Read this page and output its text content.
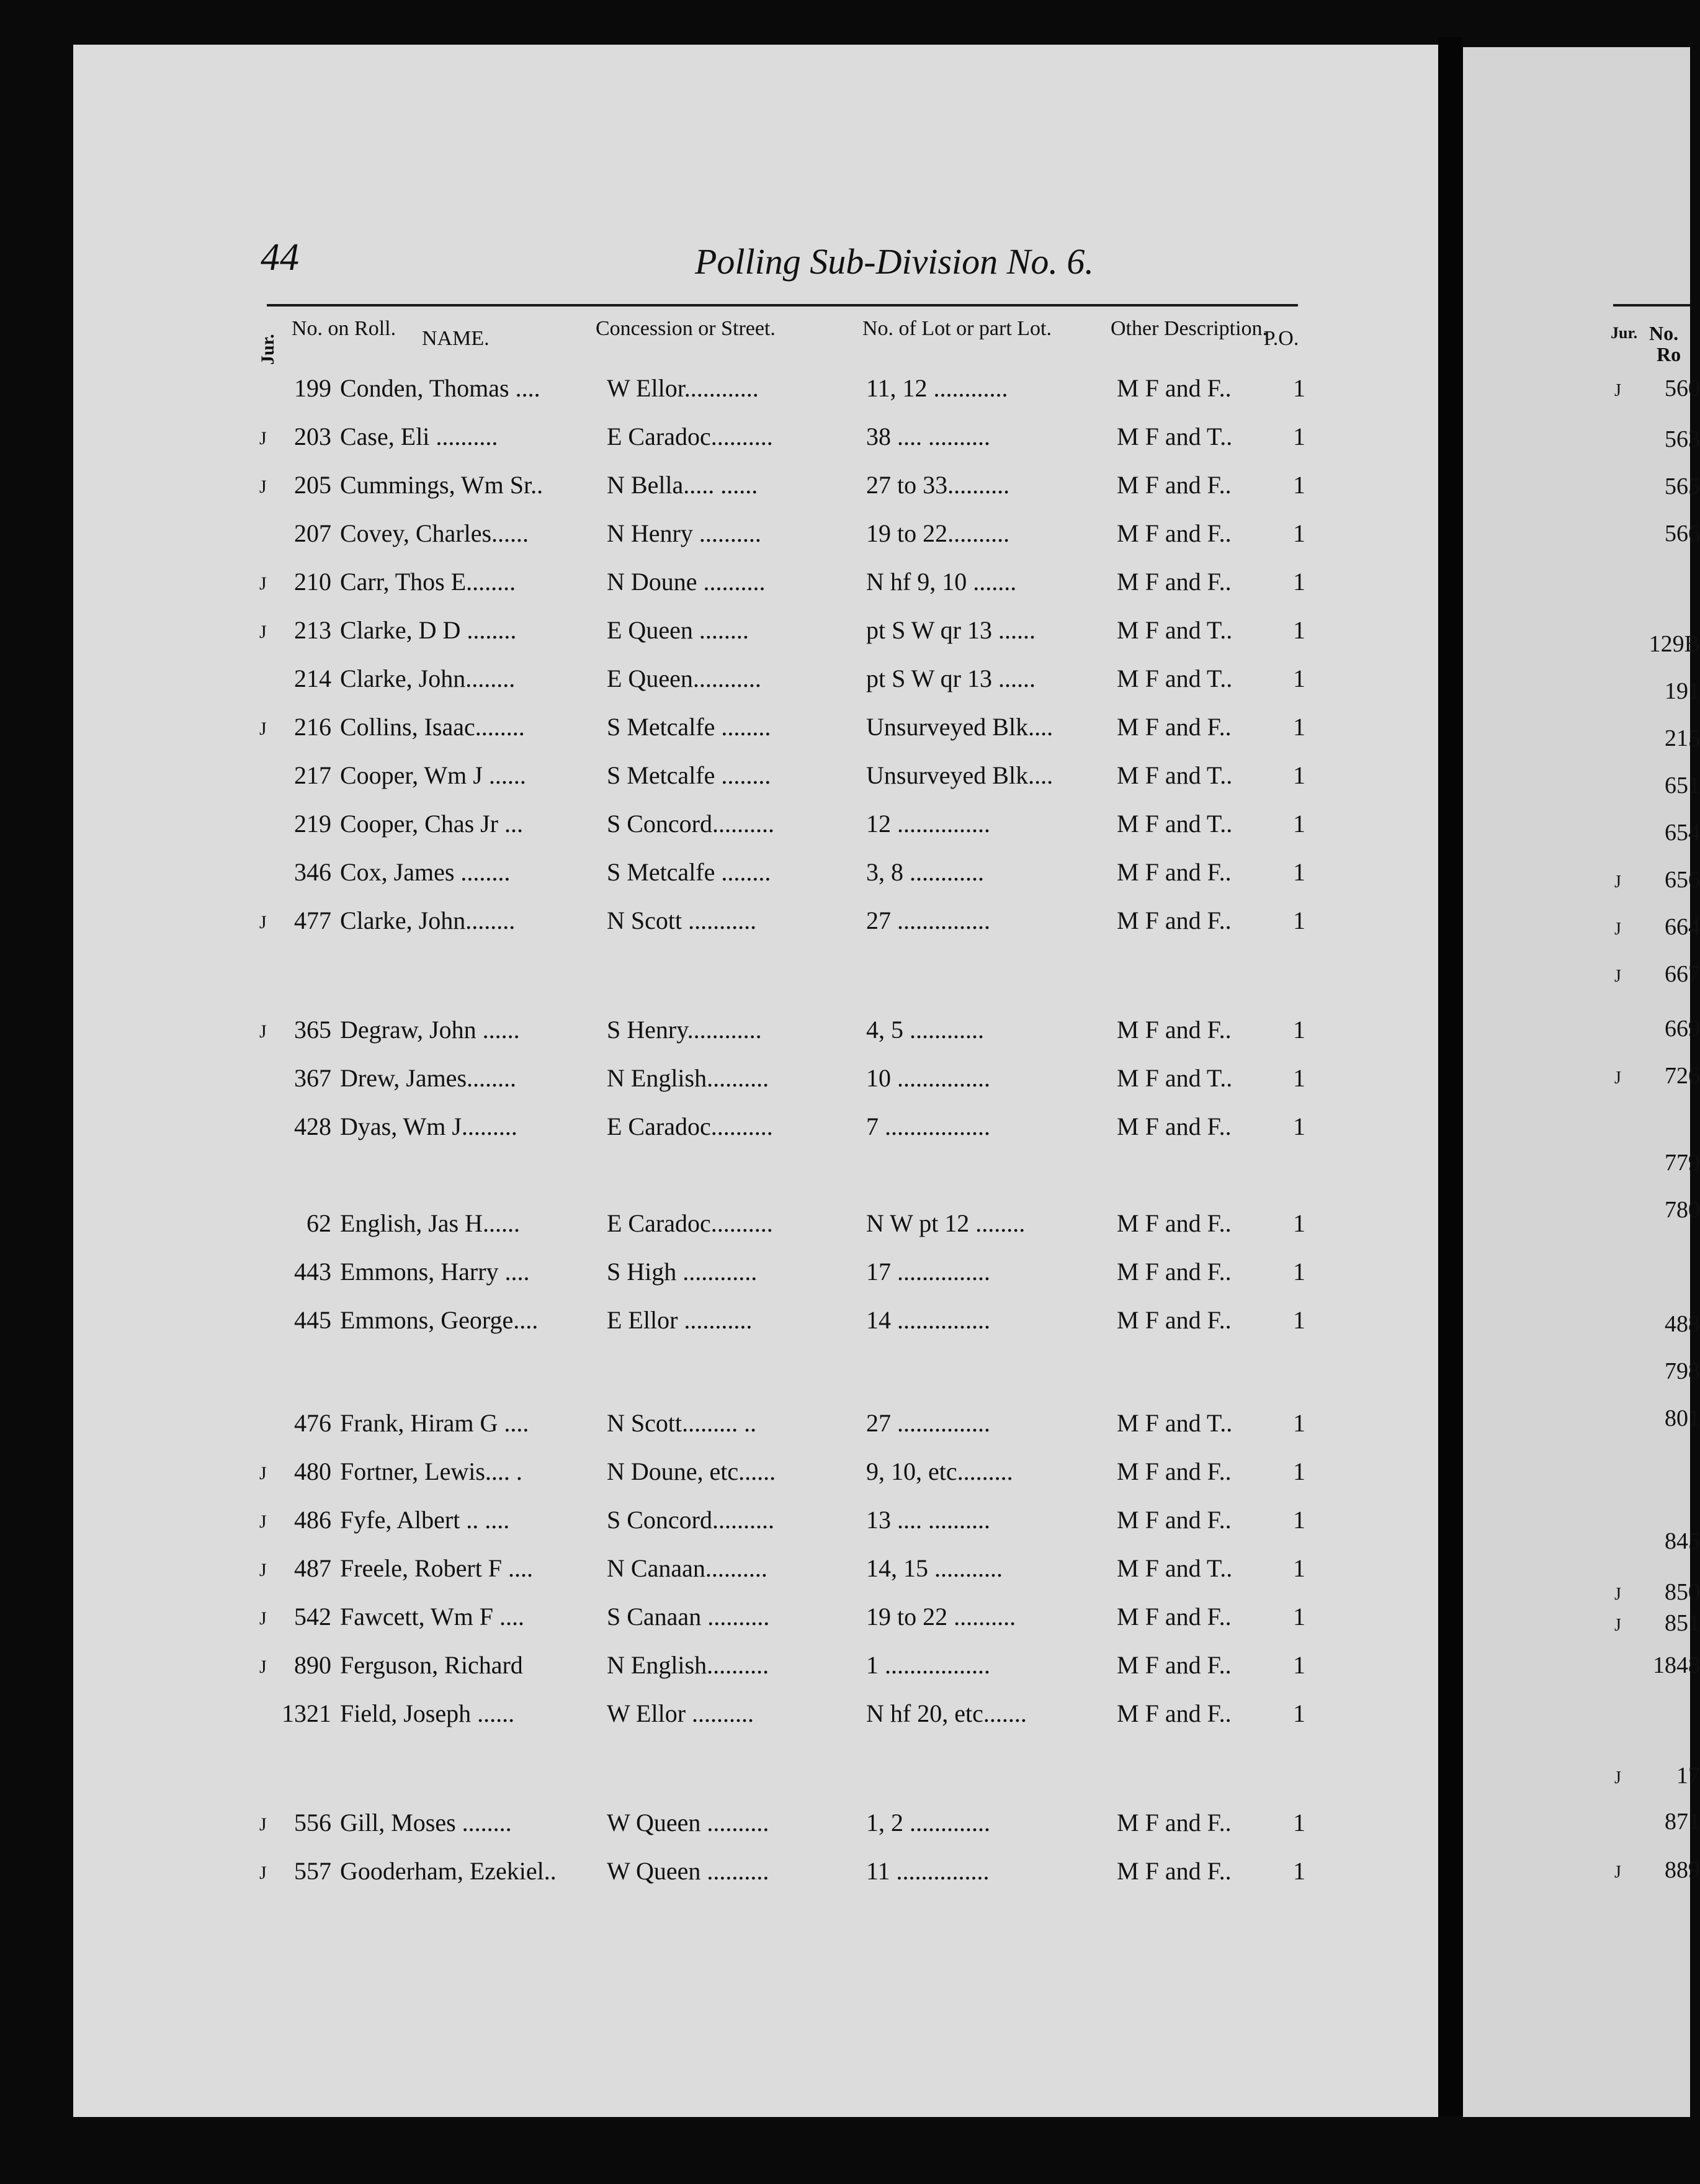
44	Polling Sub-Division No. 6.
Jur.
No. on Roll. NAME.	Concession or Street.	No. of Lot or part Lot.	Other Description.
P.O.
199 Conden, Thomas ....	W Ellor............	11, 12 ............	M F and F.. 1
J	203 Case, Eli ..........	E Caradoc..........	38 .... ..........	M F and T.. 1
J	205 Cummings, Wm Sr..	N Bella..... ......	27 to 33..........	M F and F.. 1
207 Covey, Charles......	N Henry ..........	19 to 22..........	M F and F.. 1
J	210 Carr, Thos E........	N Doune ..........	N hf 9, 10 .......	M F and F.. 1
J	213 Clarke, D D ........	E Queen ........	pt S W qr 13 ......	M F and T.. 1
214 Clarke, John........	E Queen...........	pt S W qr 13 ......	M F and T.. 1
J	216 Collins, Isaac........	S Metcalfe ........	Unsurveyed Blk....	M F and F.. 1
217 Cooper, Wm J ......	S Metcalfe ........	Unsurveyed Blk....	M F and T.. 1
219 Cooper, Chas Jr ...	S Concord..........	12 ...............	M F and T.. 1
346 Cox, James ........	S Metcalfe ........	3, 8 ............	M F and F.. 1
J	477 Clarke, John........	N Scott ...........	27 ...............	M F and F.. 1
J	365 Degraw, John ......	S Henry............	4, 5 ............	M F and F.. 1
367 Drew, James........	N English..........	10 ...............	M F and T.. 1
428 Dyas, Wm J.........	E Caradoc..........	7 .................	M F and F.. 1
62 English, Jas H......	E Caradoc..........	N W pt 12 ........	M F and F.. 1
443 Emmons, Harry ....	S High ............	17 ...............	M F and F.. 1
445 Emmons, George....	E Ellor ...........	14 ...............	M F and F.. 1
476 Frank, Hiram G ....	N Scott......... ..	27 ...............	M F and T.. 1
J	480 Fortner, Lewis.... .	N Doune, etc......	9, 10, etc.........	M F and F.. 1
J	486 Fyfe, Albert .. ....	S Concord..........	13 .... ..........	M F and F.. 1
J	487 Freele, Robert F ....	N Canaan..........	14, 15 ...........	M F and T.. 1
J	542 Fawcett, Wm F ....	S Canaan ..........	19 to 22 ..........	M F and F.. 1
J	890 Ferguson, Richard	N English..........	1 .................	M F and F.. 1
1321 Field, Joseph ......	W Ellor ..........	N hf 20, etc.......	M F and F.. 1
J	556 Gill, Moses ........	W Queen ..........	1, 2 .............	M F and F.. 1
J	557 Gooderham, Ezekiel.. W Queen ..........	11 ...............	M F and F.. 1
Jur. No.
Ro
J	560
563
565
566
129B
191
215
651
654
J	656
J	664
J	667
669
J	726
779
780
488
798
801
845
J	850
J	851
1848
J	17
871
J	889
